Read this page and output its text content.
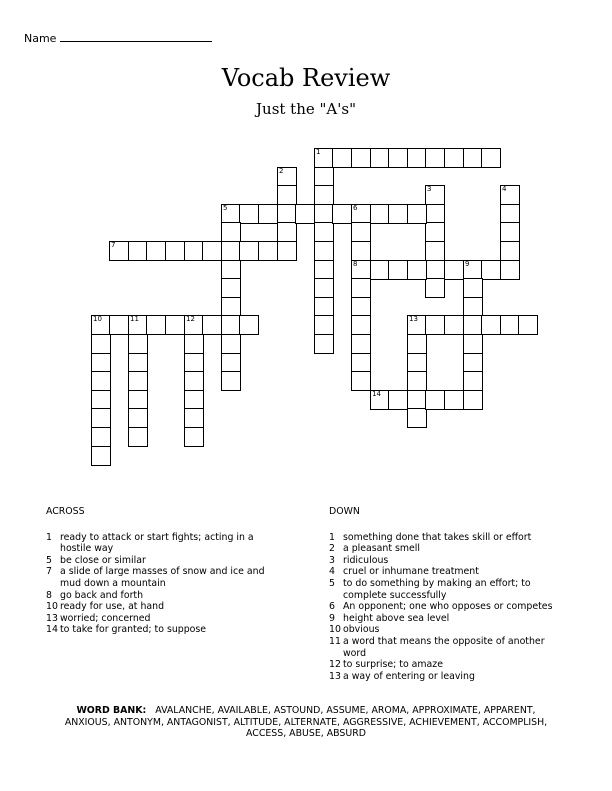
Name
Vocab Review
Just the "A's"
1
2
3	4
5	6
8
7
9
10	11	12	13
14
ACROSS
1 ready to attack or start fights; acting in a hostile way
5 be close or similar
7 a slide of large masses of snow and ice and mud down a mountain
8 go back and forth
10 ready for use, at hand
13 worried; concerned
14 to take for granted; to suppose
DOWN
1 something done that takes skill or effort
2 a pleasant smell
3 ridiculous
4 cruel or inhumane treatment
5 to do something by making an effort; to complete successfully
6 An opponent; one who opposes or competes
9 height above sea level
10 obvious
11 a word that means the opposite of another word
12 to surprise; to amaze
13 a way of entering or leaving
WORD BANK: AVALANCHE, AVAILABLE, ASTOUND, ASSUME, AROMA, APPROXIMATE, APPARENT, ANXIOUS, ANTONYM, ANTAGONIST, ALTITUDE, ALTERNATE, AGGRESSIVE, ACHIEVEMENT, ACCOMPLISH, ACCESS, ABUSE, ABSURD
